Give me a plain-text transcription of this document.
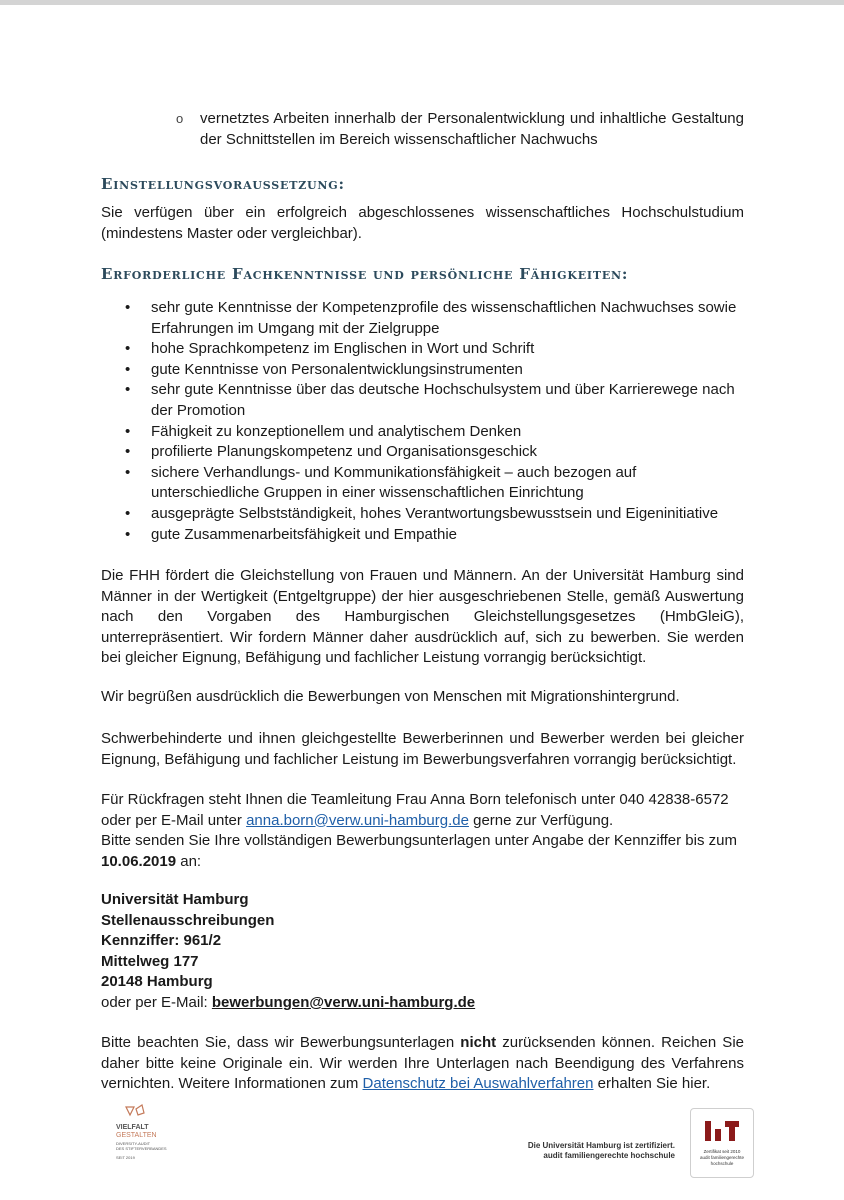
o vernetztes Arbeiten innerhalb der Personalentwicklung und inhaltliche Gestaltung der Schnittstellen im Bereich wissenschaftlicher Nachwuchs
Einstellungsvoraussetzung:

Sie verfügen über ein erfolgreich abgeschlossenes wissenschaftliches Hochschulstudium (mindestens Master oder vergleichbar).

Erforderliche Fachkenntnisse und persönliche Fähigkeiten:
• sehr gute Kenntnisse der Kompetenzprofile des wissenschaftlichen Nachwuchses sowie Erfahrungen im Umgang mit der Zielgruppe
• hohe Sprachkompetenz im Englischen in Wort und Schrift
• gute Kenntnisse von Personalentwicklungsinstrumenten
• sehr gute Kenntnisse über das deutsche Hochschulsystem und über Karrierewege nach der Promotion
• Fähigkeit zu konzeptionellem und analytischem Denken
• profilierte Planungskompetenz und Organisationsgeschick
• sichere Verhandlungs- und Kommunikationsfähigkeit – auch bezogen auf unterschiedliche Gruppen in einer wissenschaftlichen Einrichtung
• ausgeprägte Selbstständigkeit, hohes Verantwortungsbewusstsein und Eigeninitiative
• gute Zusammenarbeitsfähigkeit und Empathie

Die FHH fördert die Gleichstellung von Frauen und Männern. An der Universität Hamburg sind Männer in der Wertigkeit (Entgeltgruppe) der hier ausgeschriebenen Stelle, gemäß Auswertung nach den Vorgaben des Hamburgischen Gleichstellungsgesetzes (HmbGleiG), unterrepräsentiert. Wir fordern Männer daher ausdrücklich auf, sich zu bewerben. Sie werden bei gleicher Eignung, Befähigung und fachlicher Leistung vorrangig berücksichtigt.

Wir begrüßen ausdrücklich die Bewerbungen von Menschen mit Migrationshintergrund.

Schwerbehinderte und ihnen gleichgestellte Bewerberinnen und Bewerber werden bei gleicher Eignung, Befähigung und fachlicher Leistung im Bewerbungsverfahren vorrangig berücksichtigt.

Für Rückfragen steht Ihnen die Teamleitung Frau Anna Born telefonisch unter 040 42838-6572
oder per E-Mail unter anna.born@verw.uni-hamburg.de gerne zur Verfügung.
Bitte senden Sie Ihre vollständigen Bewerbungsunterlagen unter Angabe der Kennziffer bis zum
10.06.2019 an:
Universität Hamburg
Stellenausschreibungen
Kennziffer: 961/2
Mittelweg 177
20148 Hamburg
oder per E-Mail: bewerbungen@verw.uni-hamburg.de

Bitte beachten Sie, dass wir Bewerbungsunterlagen nicht zurücksenden können. Reichen Sie daher bitte keine Originale ein. Wir werden Ihre Unterlagen nach Beendigung des Verfahrens vernichten. Weitere Informationen zum Datenschutz bei Auswahlverfahren erhalten Sie hier.

VIELFALT
GESTALTEN
DIVERSITY-AUDIT
DES STIFTERVERBANDES
SEIT 2019
Die Universität Hamburg ist zertifiziert.
audit familiengerechte hochschule	Zertifikat seit 2010
audit familiengerechte
hochschule
